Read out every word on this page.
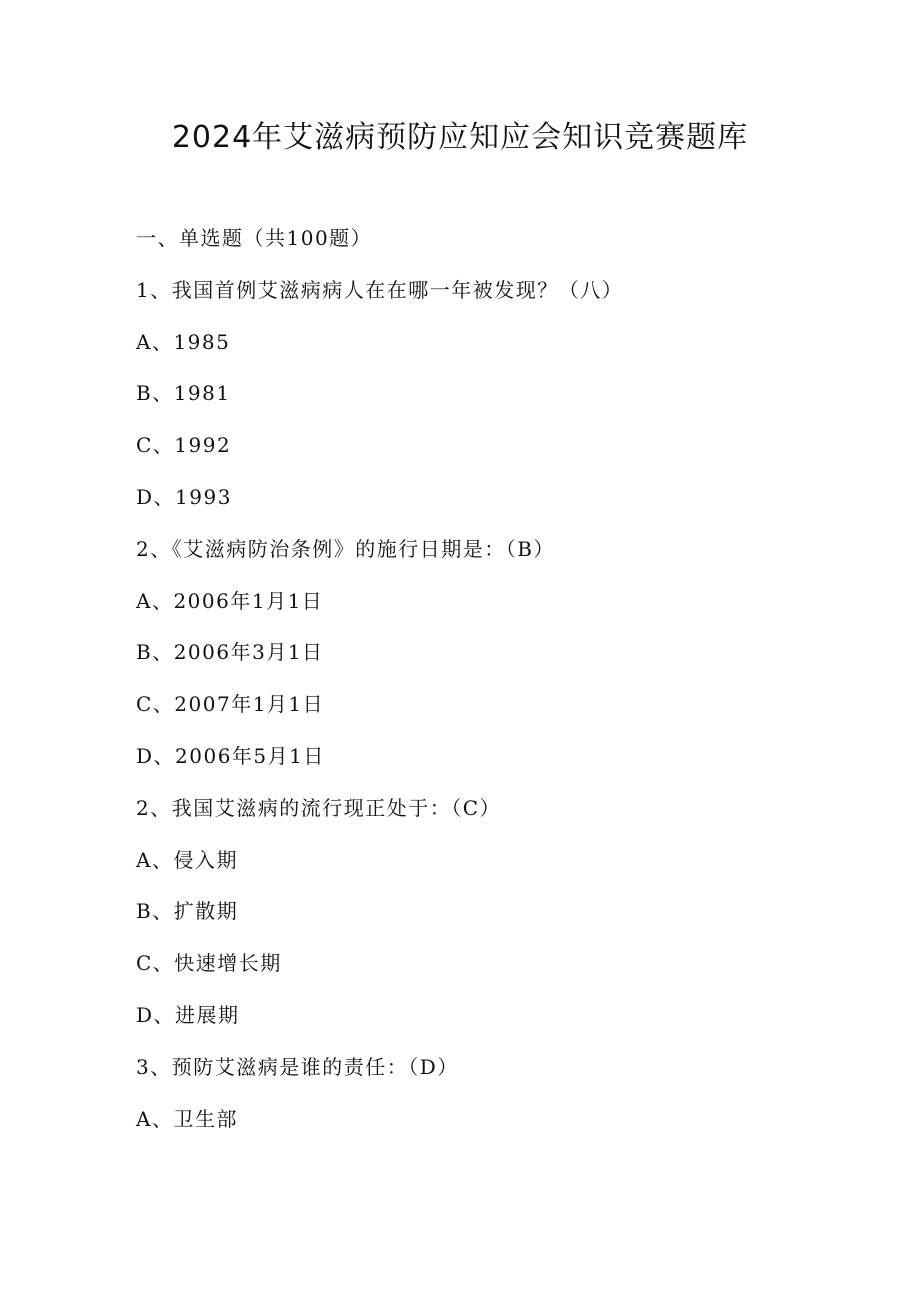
2024年艾滋病预防应知应会知识竞赛题库
一、单选题（共100题）
1、我国首例艾滋病病人在在哪一年被发现？（八）
A、1985
B、1981
C、1992
D、1993
2、《艾滋病防治条例》的施行日期是：（B）
A、2006年1月1日
B、2006年3月1日
C、2007年1月1日
D、2006年5月1日
2、我国艾滋病的流行现正处于：（C）
A、侵入期
B、扩散期
C、快速增长期
D、进展期
3、预防艾滋病是谁的责任：（D）
A、卫生部
